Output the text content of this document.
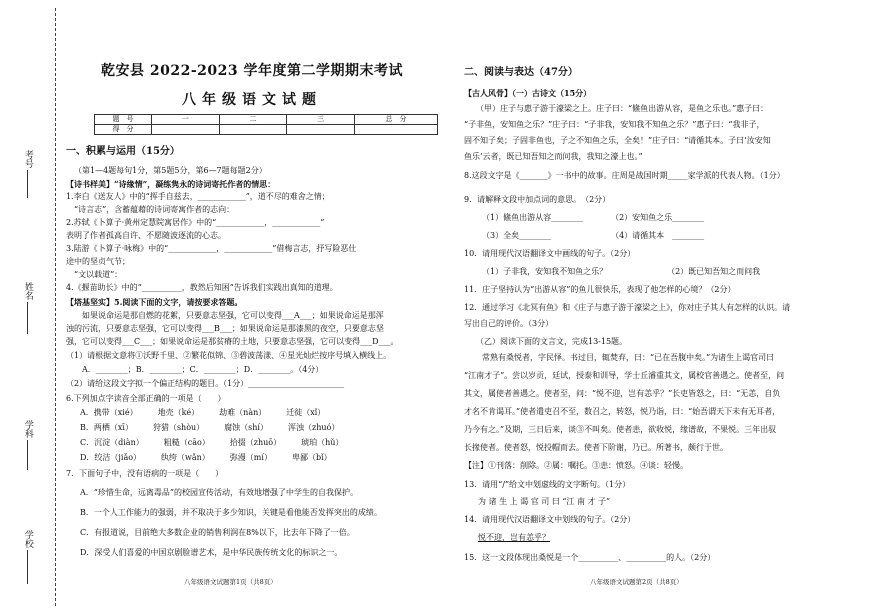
考号
姓名
学科
学校
乾安县 2022-2023 学年度第二学期期末考试
八年级语文试题
题　号	一	二	三	总　分
得　分				
一、积累与运用（15分）
（第1—4题每句1分，第5题5分，第6—7题每题2分）
【诗书样美】“诗缘情”，凝练隽永的诗词寄托作者的情思：
1.李白《送友人》中的“挥手自兹去，____________”，道不尽的难舍之情；
“诗言志”，含蓄蕴藉的诗词寄寓作者的志向：
2.苏轼《卜算子·黄州定慧院寓居作》中的“____________，____________”
表明了作者孤高自许、不愿随波逐流的心志。
3.陆游《卜算子·咏梅》中的“____________，____________”借梅言志，抒写险恶仕
途中的坚贞气节；
“文以载道”：
4.《揠苗助长》中的“__________，教然后知困”告诉我们实践出真知的道理。
【塔基坚实】5.阅读下面的文字，请按要求答题。
如果说命运是那自燃的花絮，只要意志坚强，它可以变得___A___；如果说命运是那浑
浊的污流，只要意志坚强，它可以变得___B___；如果说命运是那漆黑的夜空，只要意志坚
强，它可以变得___C___；如果说命运是那贫瘠的土地，只要意志坚强，它可以变得___D___。
（1）请根据文意将①沃野千里、②繁花似锦、③碧波荡漾、④星光灿烂按序号填入横线上。
A．________；B．________；C．________；D．________。（4分）
（2）请给这段文字拟一个偏正结构的题目。（1分）________________________
6.下列加点字读音全部正确的一项是（　　）
A．携带（xié）　　　地壳（ké）　　　劫难（nàn）　　　迁徙（xǐ）
B．两栖（xī）　　　狩猎（shòu）　　　腐蚀（shí）　　　浑浊（zhuó）
C．沉淀（diàn）　　　粗糙（cāo）　　　拾掇（zhuō）　　　琥珀（hǔ）
D．绞洁（jiǎo）　　　纨绔（wǎn）　　　弥漫（mí）　　　卑鄙（bǐ）
7．下面句子中，没有语病的一项是（　　）
A．“珍惜生命，远离毒品”的校园宣传活动，有效地增强了中学生的自我保护。
B．一个人工作能力的强弱，并不取决于多少知识，关键是看他能否发挥突出的成绩。
C．有报道说，目前绝大多数企业的销售利润在8%以下，比去年下降了一倍。
D．深受人们喜爱的中国京剧脸谱艺术，是中华民族传统文化的标识之一。
八年级语文试题第1页（共8页）
二、阅读与表达（47分）
【古人风骨】（一）古诗文（15分）
（甲）庄子与惠子游于濠梁之上。庄子曰：“鯈鱼出游从容，是鱼之乐也。”惠子曰：
“子非鱼，安知鱼之乐？”庄子曰：“子非我，安知我不知鱼之乐？”惠子曰：“我非子，
固不知子矣；子固非鱼也，子之不知鱼之乐，全矣！”庄子曰：“请循其本。子曰‘汝安知
鱼乐’云者，既已知吾知之而问我，我知之濠上也。”
8.这段文字是《_______》一书中的故事。庄周是战国时期_____家学派的代表人物。（1分）
9．请解释文段中加点词的意思。　（2分）
（1）鯈鱼出游从容________　　　　（2）安知鱼之乐________
（3）全矣________　　　　　　　　（4）请循其本　________
10．请用现代汉语翻译文中画线的句子。（2分）
（1）子非我，安知我不知鱼之乐？　　　　　　　　（2）既已知吾知之而问我
11．庄子坚持认为“出游从容”的鱼儿很快乐，表现了他怎样的心境？（2分）
12．通过学习《北冥有鱼》和《庄子与惠子游于濠梁之上》，你对庄子其人有怎样的认识。请
写出自己的评价。（3分）
（乙）阅读下面的文言文，完成13-15题。
常熟有桑悦者，字民怿。书过目，辄焚弃，曰：“已在吾腹中矣。”为诸生上谒官司曰
“江南才子”。尝以岁贡，廷试，授泰和训导，学士丘濬重其文，属校官善遇之。使者至，问
其文，属使者善遇之。使者至，问：“悦不迎，岂有恙乎？”长吏皆怒之，曰：“无恙，自负
才名不肯谒耳。”使者遣吏召不至，数召之，转怒，悦乃诣，曰：“始吾谓天下未有无耳者，
乃今有之。”及期，三日后来，谈③不叫矣。使者恚，欲收悦，缘谱故，不果悦。三年出驭
长掾使者。使者怒，悦投帽而去。使者下阶谢，乃已。所著书，颇行于世。
【注】①刊落：削除。②属：嘱托。③恚：愤怒。④谈：轻慢。
13．请用“/”给文中划虚线的文字断句。（1分）
为 诸 生 上 谒 官 司 曰 “江 南 才 子”
14．请用现代汉语翻译文中划线的句子。（2分）
悦不迎，岂有恙乎？
15．这一文段体现出桑悦是一个__________、__________的人。（2分）
八年级语文试题第2页（共8页）
